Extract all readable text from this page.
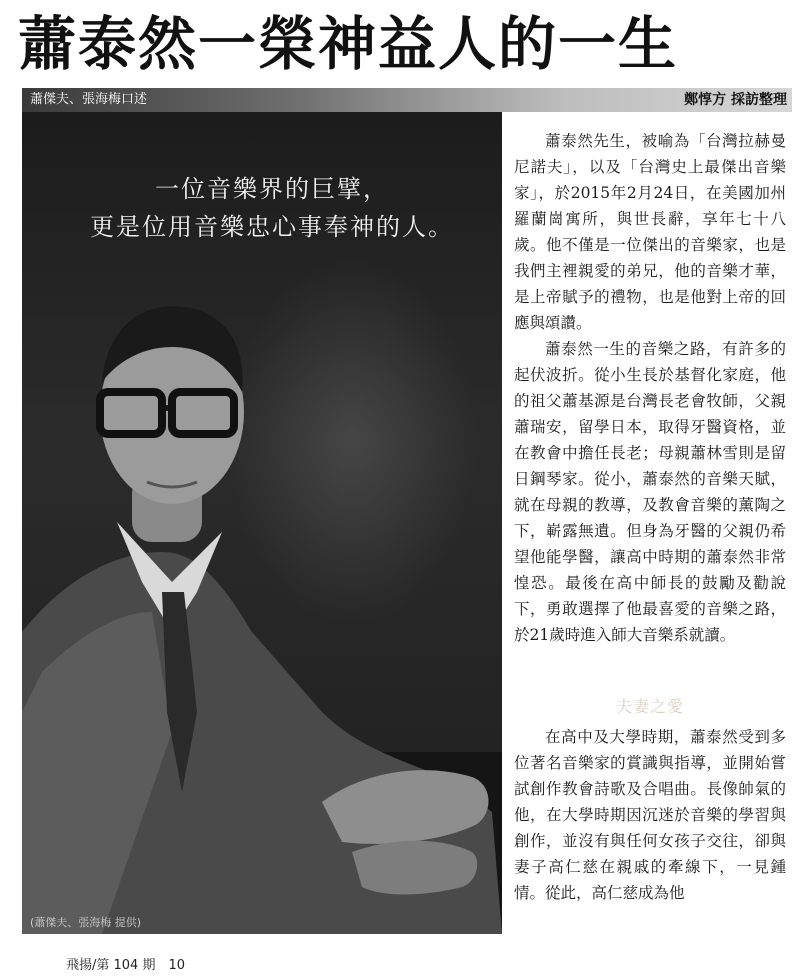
蕭泰然一榮神益人的一生
蕭傑夫、張海梅口述	鄭惇方 採訪整理
一位音樂界的巨擘，
更是位用音樂忠心事奉神的人。
(蕭傑夫、張海梅 提供)

蕭泰然先生，被喻為「台灣拉赫曼尼諾夫」，以及「台灣史上最傑出音樂家」，於2015年2月24日，在美國加州羅蘭崗寓所，與世長辭，享年七十八歲。他不僅是一位傑出的音樂家，也是我們主裡親愛的弟兄，他的音樂才華，是上帝賦予的禮物，也是他對上帝的回應與頌讚。

蕭泰然一生的音樂之路，有許多的起伏波折。從小生長於基督化家庭，他的祖父蕭基源是台灣長老會牧師，父親蕭瑞安，留學日本，取得牙醫資格，並在教會中擔任長老；母親蕭林雪則是留日鋼琴家。從小，蕭泰然的音樂天賦，就在母親的教導，及教會音樂的薰陶之下，嶄露無遺。但身為牙醫的父親仍希望他能學醫，讓高中時期的蕭泰然非常惶恐。最後在高中師長的鼓勵及勸說下，勇敢選擇了他最喜愛的音樂之路，於21歲時進入師大音樂系就讀。

夫妻之愛

在高中及大學時期，蕭泰然受到多位著名音樂家的賞識與指導，並開始嘗試創作教會詩歌及合唱曲。長像帥氣的他，在大學時期因沉迷於音樂的學習與創作，並沒有與任何女孩子交往，卻與妻子高仁慈在親戚的牽線下，一見鍾情。從此，高仁慈成為他

飛揚/第 104 期　10
